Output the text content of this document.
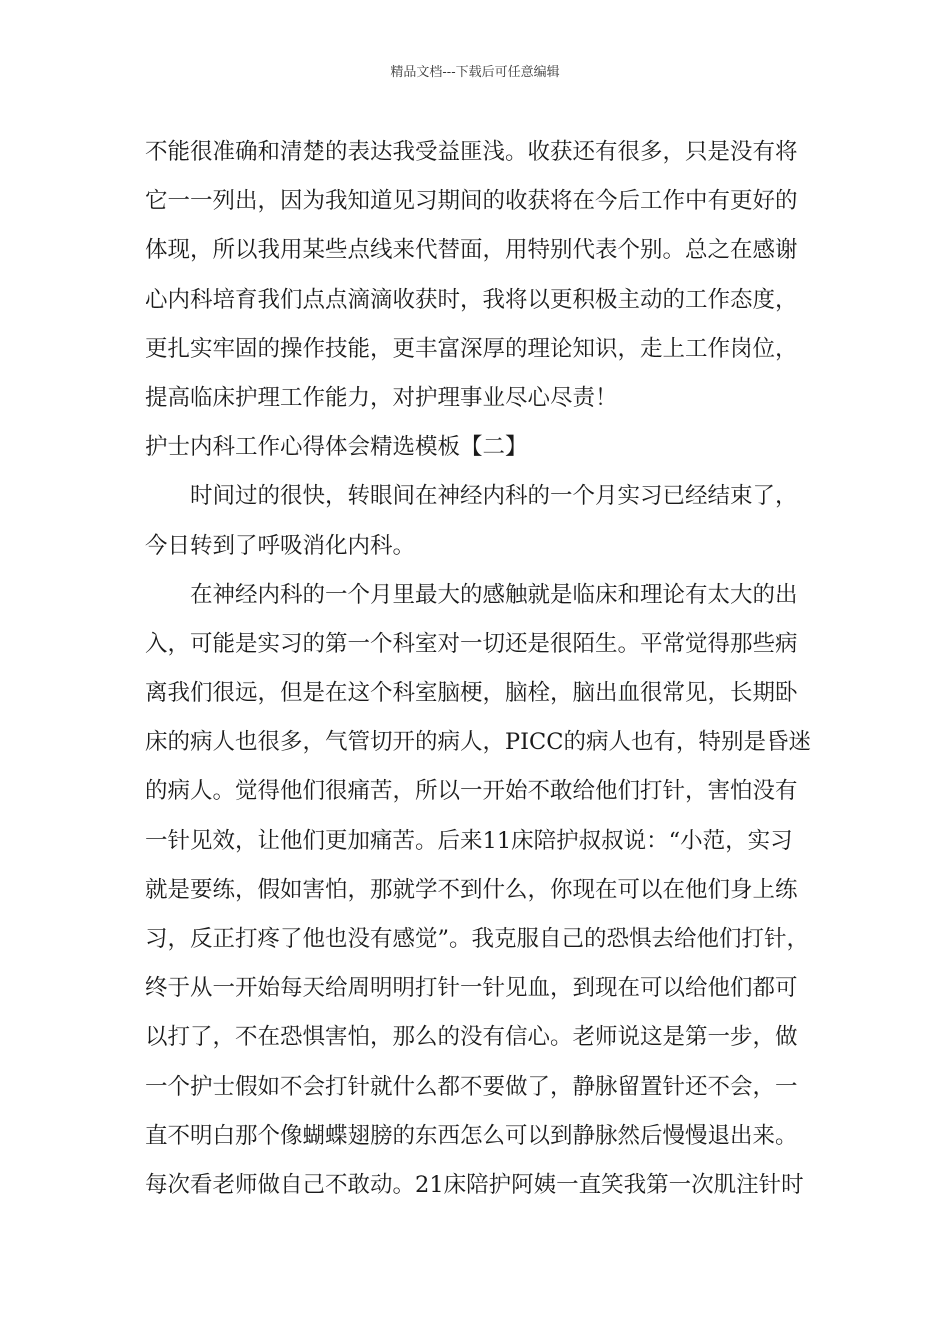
精品文档---下载后可任意编辑
不能很准确和清楚的表达我受益匪浅。收获还有很多，只是没有将
它一一列出，因为我知道见习期间的收获将在今后工作中有更好的
体现，所以我用某些点线来代替面，用特别代表个别。总之在感谢
心内科培育我们点点滴滴收获时，我将以更积极主动的工作态度，
更扎实牢固的操作技能，更丰富深厚的理论知识，走上工作岗位，
提高临床护理工作能力，对护理事业尽心尽责！
护士内科工作心得体会精选模板【二】
时间过的很快，转眼间在神经内科的一个月实习已经结束了，
今日转到了呼吸消化内科。
在神经内科的一个月里最大的感触就是临床和理论有太大的出
入，可能是实习的第一个科室对一切还是很陌生。平常觉得那些病
离我们很远，但是在这个科室脑梗，脑栓，脑出血很常见，长期卧
床的病人也很多，气管切开的病人，PICC的病人也有，特别是昏迷
的病人。觉得他们很痛苦，所以一开始不敢给他们打针，害怕没有
一针见效，让他们更加痛苦。后来11床陪护叔叔说：“小范，实习
就是要练，假如害怕，那就学不到什么，你现在可以在他们身上练
习，反正打疼了他也没有感觉”。我克服自己的恐惧去给他们打针，
终于从一开始每天给周明明打针一针见血，到现在可以给他们都可
以打了，不在恐惧害怕，那么的没有信心。老师说这是第一步，做
一个护士假如不会打针就什么都不要做了，静脉留置针还不会，一
直不明白那个像蝴蝶翅膀的东西怎么可以到静脉然后慢慢退出来。
每次看老师做自己不敢动。21床陪护阿姨一直笑我第一次肌注针时
